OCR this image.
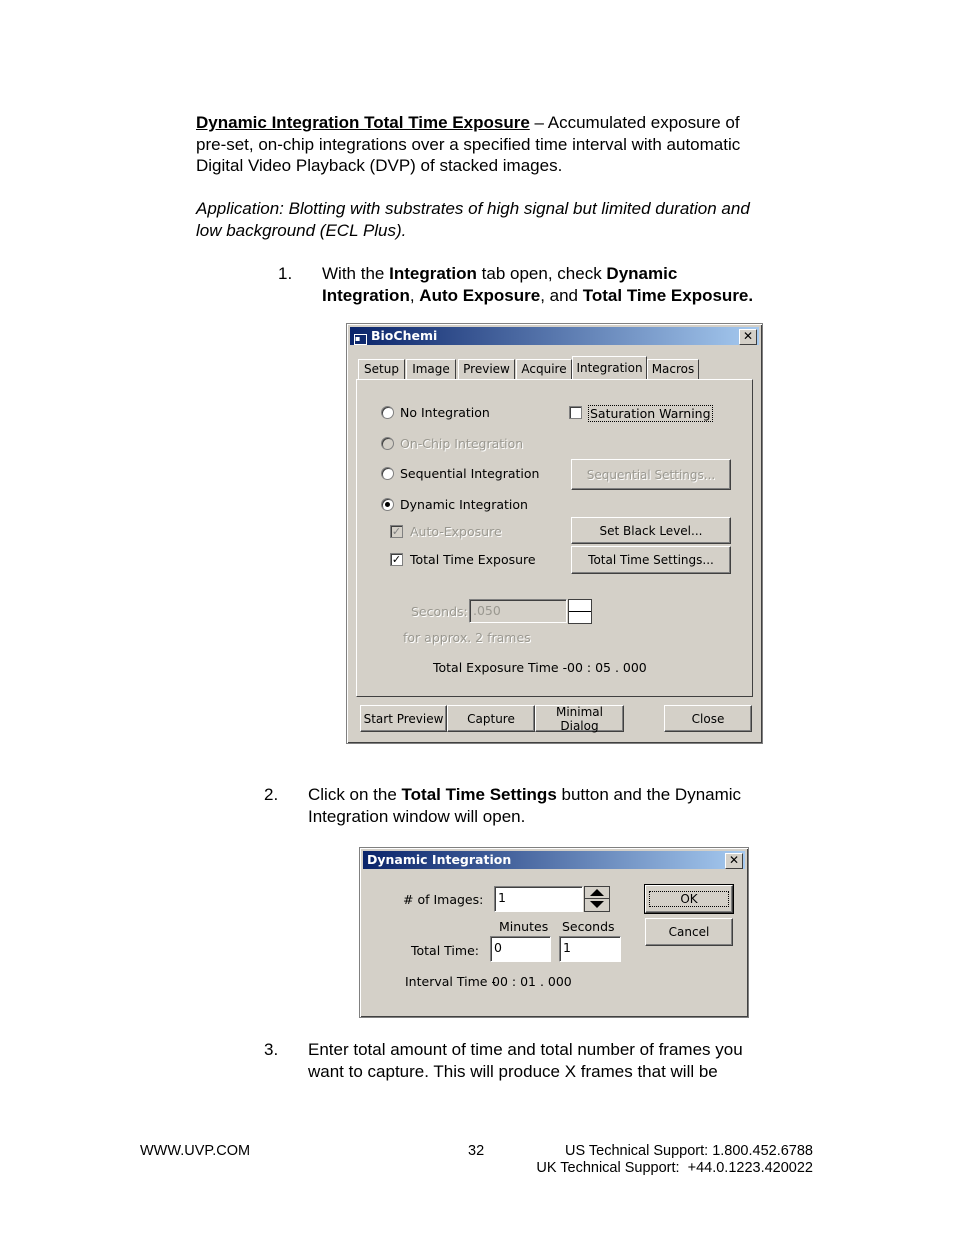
Dynamic Integration Total Time Exposure – Accumulated exposure of
pre-set, on-chip integrations over a specified time interval with automatic
Digital Video Playback (DVP) of stacked images.
Application: Blotting with substrates of high signal but limited duration and
low background (ECL Plus).
1. With the Integration tab open, check Dynamic
Integration, Auto Exposure, and Total Time Exposure.
▪ BioChemi	✕
Setup	Image	Preview Acquire Integration Macros
No Integration	Saturation Warning
On-Chip Integration
Sequential Integration	Sequential Settings...
Dynamic Integration
✓ Auto-Exposure	Set Black Level...
✓ Total Time Exposure	Total Time Settings...
Seconds: .050
for approx. 2 frames
Total Exposure Time - 00 : 05 . 000
Start Preview	Capture	Minimal Dialog	Close
2. Click on the Total Time Settings button and the Dynamic
Integration window will open.
Dynamic Integration	✕
# of Images:	1	OK
Cancel
Minutes Seconds
Total Time:	0	1
Interval Time -
00 : 01 . 000
3. Enter total amount of time and total number of frames you
want to capture. This will produce X frames that will be
WWW.UVP.COM	32	US Technical Support: 1.800.452.6788
UK Technical Support:  +44.0.1223.420022
